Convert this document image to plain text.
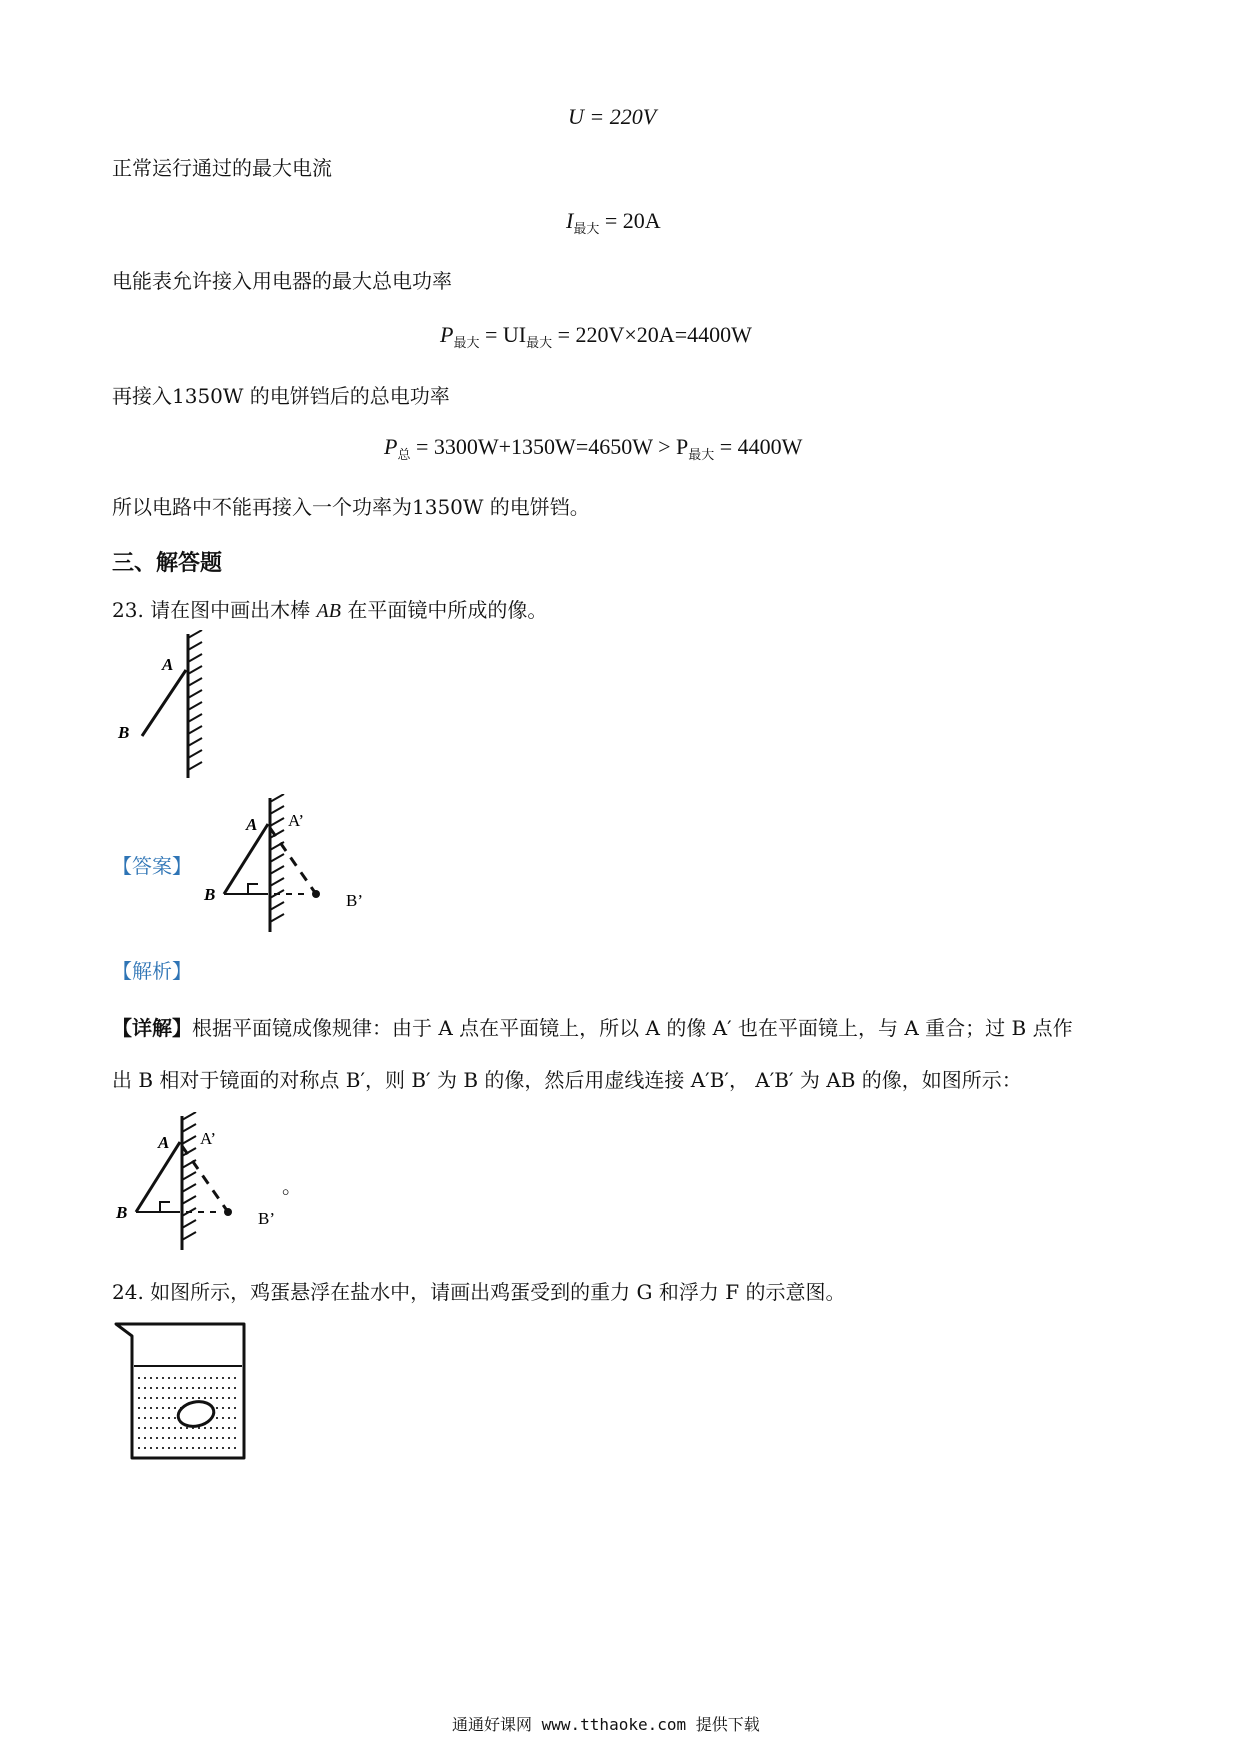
U = 220V
正常运行通过的最大电流
$I_{最大} = 20A$
电能表允许接入用电器的最大总电功率
$P_{最大} = UI_{最大} = 220V\times 20A=4400W$
再接入1350W 的电饼铛后的总电功率
$P_总 = 3300W+1350W=4650W > P_{最大} = 4400W$
所以电路中不能再接入一个功率为1350W 的电饼铛。
三、解答题
23. 请在图中画出木棒 AB 在平面镜中所成的像。
A
B
【答案】
A
B
A’
B’
【解析】
【详解】根据平面镜成像规律：由于 A 点在平面镜上，所以 A 的像 A′ 也在平面镜上，与 A 重合；过 B 点作
出 B 相对于镜面的对称点 B′，则 B′ 为 B 的像，然后用虚线连接 A′B′， A′B′ 为 AB 的像，如图所示：
A
B
A’
B’
。
24. 如图所示，鸡蛋悬浮在盐水中，请画出鸡蛋受到的重力 G 和浮力 F 的示意图。
通通好课网 www.tthaoke.com 提供下载
